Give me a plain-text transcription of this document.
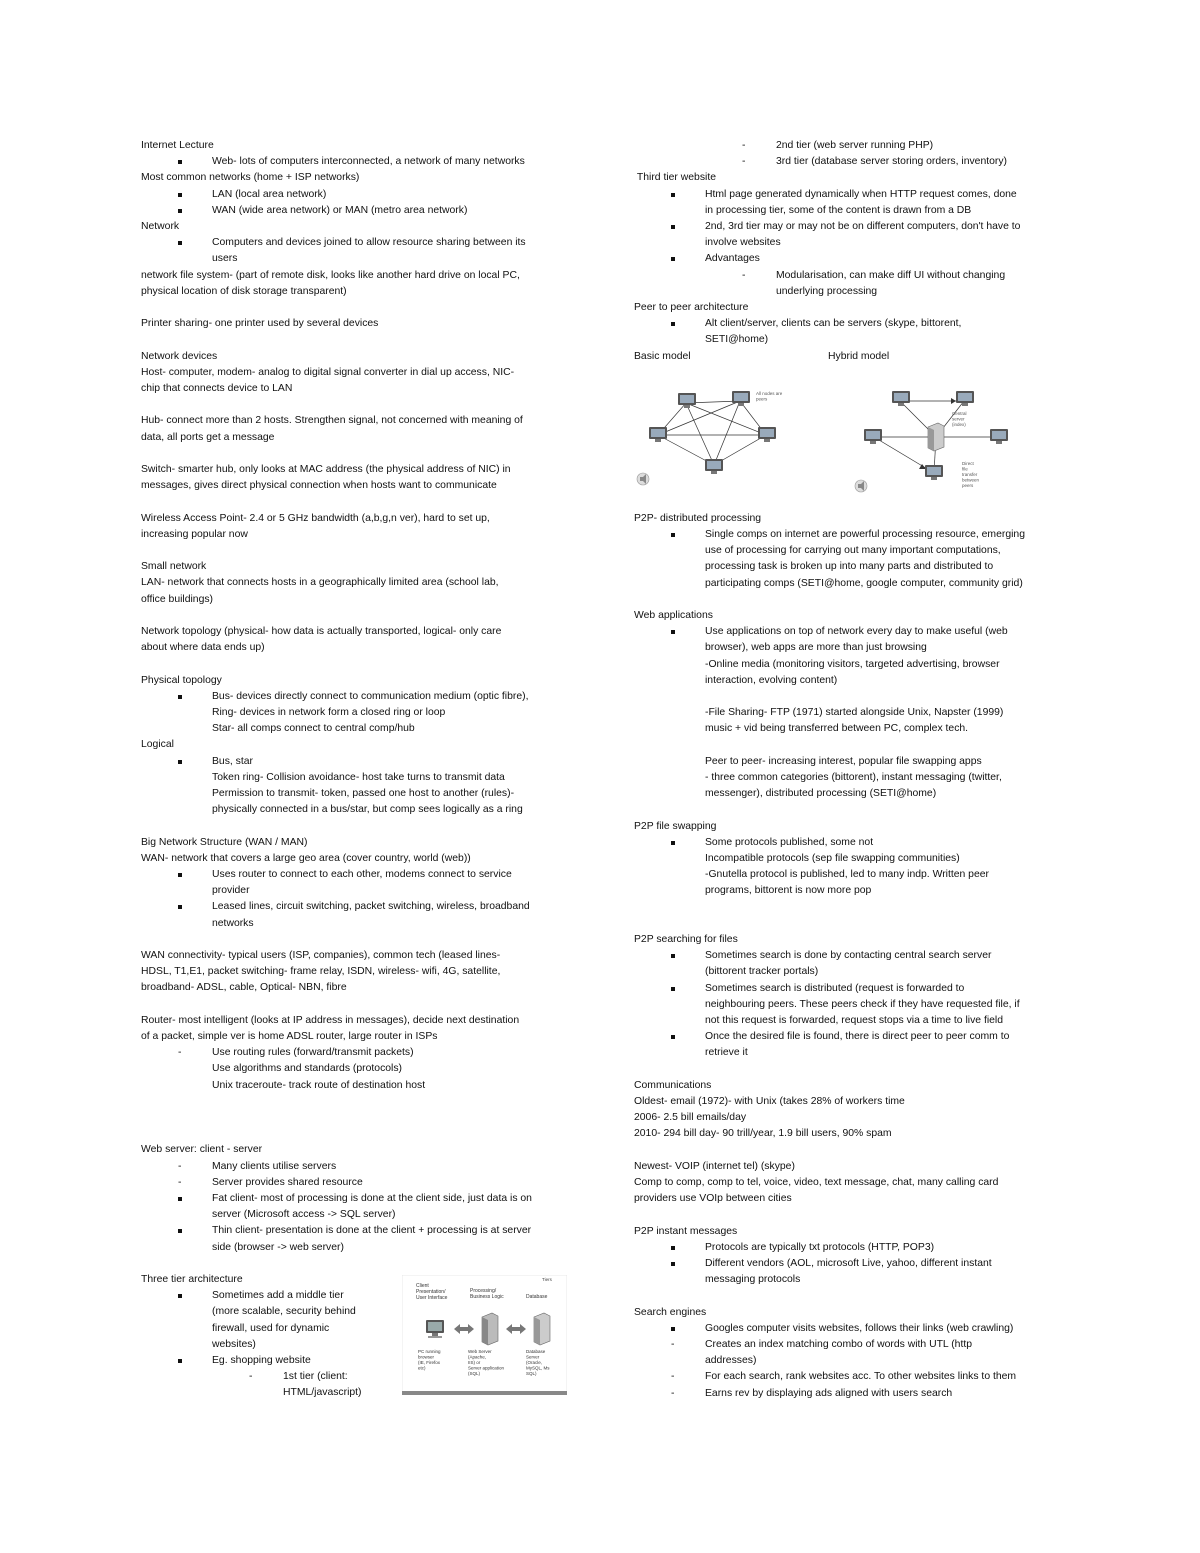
Internet Lecture
Web- lots of computers interconnected, a network of many networks
Most common networks (home + ISP networks)
LAN (local area network)
WAN (wide area network) or MAN (metro area network)
Network
Computers and devices joined to allow resource sharing between its
users
network file system- (part of remote disk, looks like another hard drive on local PC,
physical location of disk storage transparent)
Printer sharing- one printer used by several devices
Network devices
Host- computer, modem- analog to digital signal converter in dial up access, NIC-
chip that connects device to LAN
Hub- connect more than 2 hosts. Strengthen signal, not concerned with meaning of
data, all ports get a message
Switch- smarter hub, only looks at MAC address (the physical address of NIC) in
messages, gives direct physical connection when hosts want to communicate
Wireless Access Point- 2.4 or 5 GHz bandwidth (a,b,g,n ver), hard to set up,
increasing popular now
Small network
LAN- network that connects hosts in a geographically limited area (school lab,
office buildings)
Network topology (physical- how data is actually transported, logical- only care
about where data ends up)
Physical topology
Bus- devices directly connect to communication medium (optic fibre),
Ring- devices in network form a closed ring or loop
Star- all comps connect to central comp/hub
Logical
Bus, star
Token ring- Collision avoidance- host take turns to transmit data
Permission to transmit- token, passed one host to another (rules)-
physically connected in a bus/star, but comp sees logically as a ring
Big Network Structure (WAN / MAN)
WAN- network that covers a large geo area (cover country, world (web))
Uses router to connect to each other, modems connect to service
provider
Leased lines, circuit switching, packet switching, wireless, broadband
networks
WAN connectivity- typical users (ISP, companies), common tech (leased lines-
HDSL, T1,E1, packet switching- frame relay, ISDN, wireless- wifi, 4G, satellite,
broadband- ADSL, cable, Optical- NBN, fibre
Router- most intelligent (looks at IP address in messages), decide next destination
of a packet, simple ver is home ADSL router, large router in ISPs
-	Use routing rules (forward/transmit packets)
Use algorithms and standards (protocols)
Unix traceroute- track route of destination host
Web server: client - server
-	Many clients utilise servers
-	Server provides shared resource
Fat client- most of processing is done at the client side, just data is on
server (Microsoft access -> SQL server)
Thin client- presentation is done at the client + processing is at server
side (browser -> web server)
Three tier architecture
Sometimes add a middle tier
(more scalable, security behind
firewall, used for dynamic
websites)
Eg. shopping website
-	1st tier (client:
HTML/javascript)
-	2nd tier (web server running PHP)
-	3rd tier (database server storing orders, inventory)
Third tier website
Html page generated dynamically when HTTP request comes, done
in processing tier, some of the content is drawn from a DB
2nd, 3rd tier may or may not be on different computers, don't have to
involve websites
Advantages
-	Modularisation, can make diff UI without changing
underlying processing
Peer to peer architecture
Alt client/server, clients can be servers (skype, bittorent,
SETI@home)
Basic model	Hybrid model
P2P- distributed processing
Single comps on internet are powerful processing resource, emerging
use of processing for carrying out many important computations,
processing task is broken up into many parts and distributed to
participating comps (SETI@home, google computer, community grid)
Web applications
Use applications on top of network every day to make useful (web
browser), web apps are more than just browsing
-Online media (monitoring visitors, targeted advertising, browser
interaction, evolving content)
-File Sharing- FTP (1971) started alongside Unix, Napster (1999)
music + vid being transferred between PC, complex tech.
Peer to peer- increasing interest, popular file swapping apps
- three common categories (bittorent), instant messaging (twitter,
messenger), distributed processing (SETI@home)
P2P file swapping
Some protocols published, some not
Incompatible protocols (sep file swapping communities)
-Gnutella protocol is published, led to many indp. Written peer
programs, bittorent is now more pop
P2P searching for files
Sometimes search is done by contacting central search server
(bittorent tracker portals)
Sometimes search is distributed (request is forwarded to
neighbouring peers. These peers check if they have requested file, if
not this request is forwarded, request stops via a time to live field
Once the desired file is found, there is direct peer to peer comm to
retrieve it
Communications
Oldest- email (1972)- with Unix (takes 28% of workers time
2006- 2.5 bill emails/day
2010- 294 bill day- 90 trill/year, 1.9 bill users, 90% spam
Newest- VOIP (internet tel) (skype)
Comp to comp, comp to tel, voice, video, text message, chat, many calling card
providers use VOIp between cities
P2P instant messages
Protocols are typically txt protocols (HTTP, POP3)
Different vendors (AOL, microsoft Live, yahoo, different instant
messaging protocols
Search engines
Googles computer visits websites, follows their links (web crawling)
-	Creates an index matching combo of words with UTL (http
addresses)
-	For each search, rank websites acc. To other websites links to them
-	Earns rev by displaying ads aligned with users search
Tiers
Client
Presentation/
User Interface
Processing/
Business Logic	Database
PC running
browser
(IE, Firefox
etc)
Web Server
(Apache,
IIS) or
Server application
(SQL)
Database
Server
(Oracle,
MySQL, Ms
SQL)
All nodes are
peers
Central
server
(index)
Direct
file
transfer
between
peers
